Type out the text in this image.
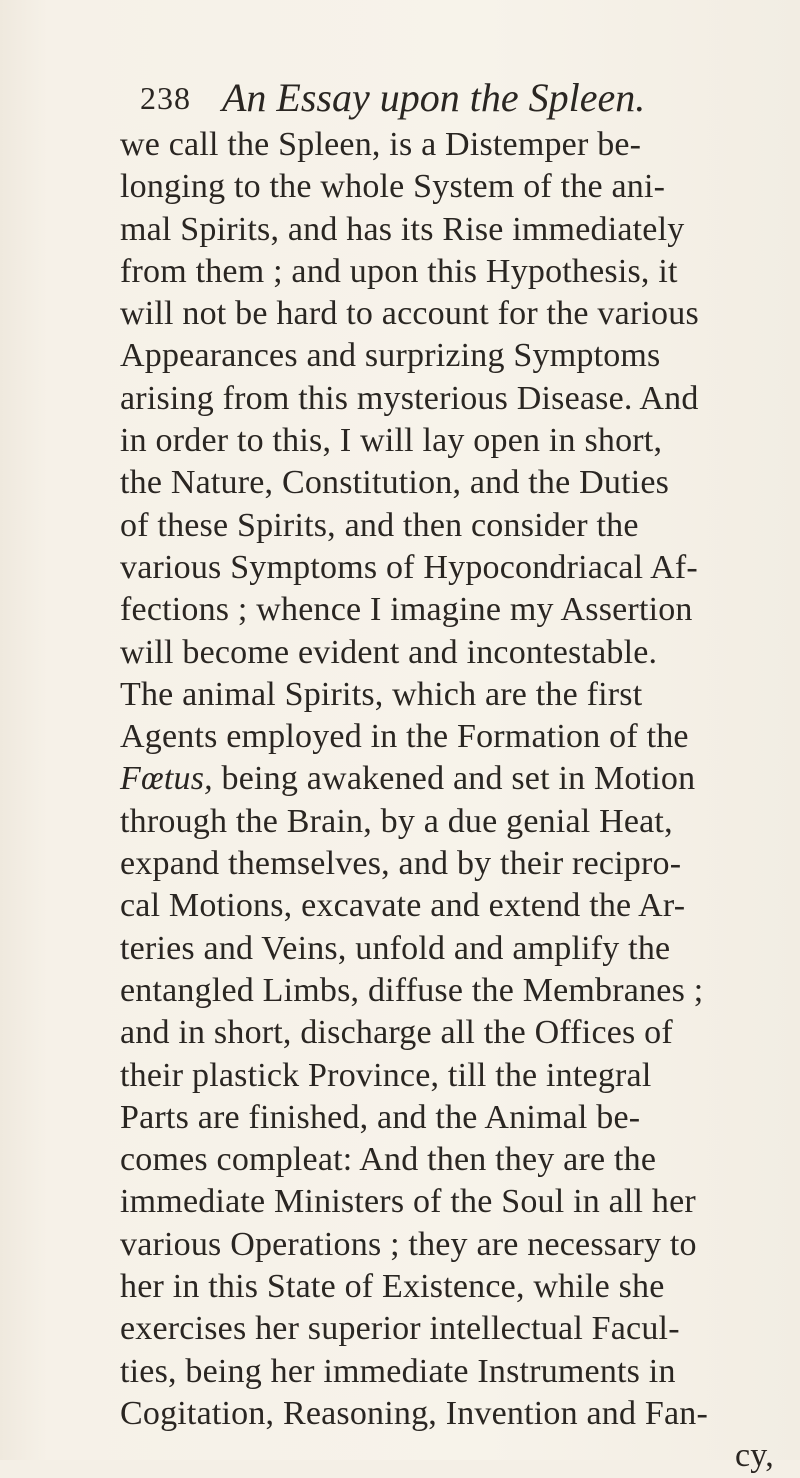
238 An Essay upon the Spleen.
we call the Spleen, is a Distemper be-
longing to the whole System of the ani-
mal Spirits, and has its Rise immediately
from them ; and upon this Hypothesis, it
will not be hard to account for the various
Appearances and surprizing Symptoms
arising from this mysterious Disease. And
in order to this, I will lay open in short,
the Nature, Constitution, and the Duties
of these Spirits, and then consider the
various Symptoms of Hypocondriacal Af-
fections ; whence I imagine my Assertion
will become evident and incontestable.
The animal Spirits, which are the first
Agents employed in the Formation of the
Fœtus, being awakened and set in Motion
through the Brain, by a due genial Heat,
expand themselves, and by their recipro-
cal Motions, excavate and extend the Ar-
teries and Veins, unfold and amplify the
entangled Limbs, diffuse the Membranes ;
and in short, discharge all the Offices of
their plastick Province, till the integral
Parts are finished, and the Animal be-
comes compleat: And then they are the
immediate Ministers of the Soul in all her
various Operations ; they are necessary to
her in this State of Existence, while she
exercises her superior intellectual Facul-
ties, being her immediate Instruments in
Cogitation, Reasoning, Invention and Fan-
cy,
